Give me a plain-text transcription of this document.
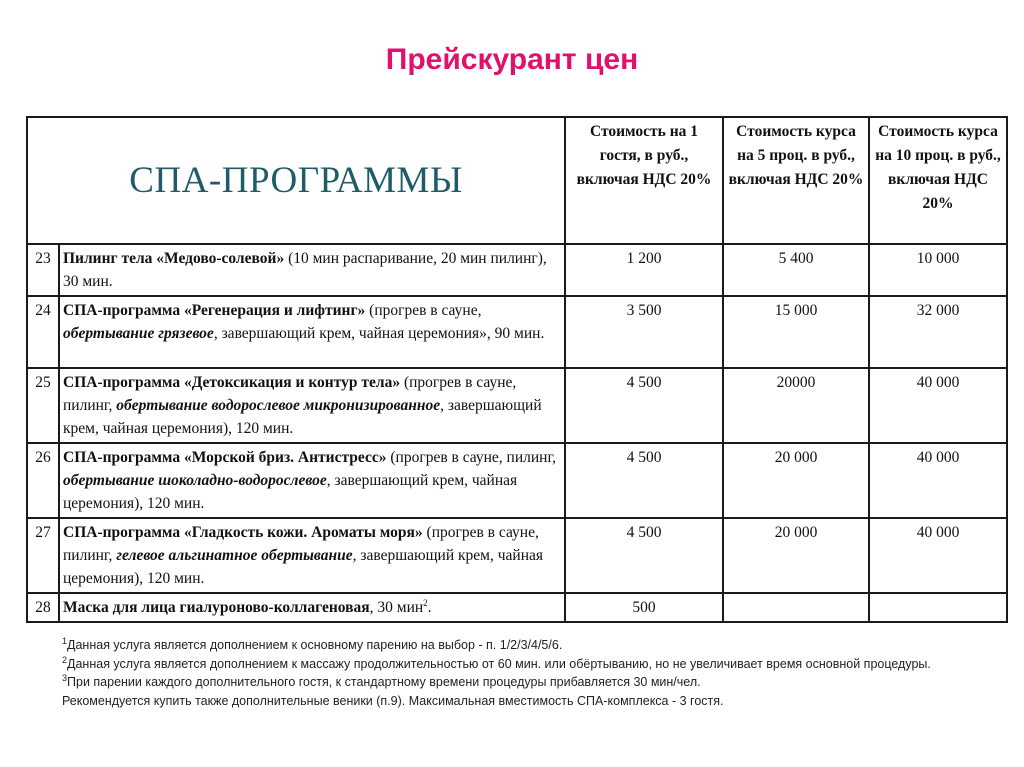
Прейскурант цен
СПА-ПРОГРАММЫ		Стоимость на 1 гостя, в руб., включая НДС 20%	Стоимость курса на 5 проц. в руб., включая НДС 20%	Стоимость курса на 10 проц. в руб., включая НДС 20%
23	Пилинг тела «Медово-солевой» (10 мин распаривание, 20 мин пилинг), 30 мин.	1 200	5 400	10 000
24	СПА-программа «Регенерация и лифтинг» (прогрев в сауне, обертывание грязевое, завершающий крем, чайная церемония», 90 мин.	3 500	15 000	32 000
25	СПА-программа «Детоксикация и контур тела» (прогрев в сауне, пилинг, обертывание водорослевое микронизированное, завершающий крем, чайная церемония), 120 мин.	4 500	20000	40 000
26	СПА-программа «Морской бриз. Антистресс» (прогрев в сауне, пилинг, обертывание шоколадно-водорослевое, завершающий крем, чайная церемония), 120 мин.	4 500	20 000	40 000
27	СПА-программа «Гладкость кожи. Ароматы моря» (прогрев в сауне, пилинг, гелевое альгинатное обертывание, завершающий крем, чайная церемония), 120 мин.	4 500	20 000	40 000
28	Маска для лица гиалуроново-коллагеновая, 30 мин$^2$.	500		
$^1$Данная услуга является дополнением к основному парению на выбор - п. 1/2/3/4/5/6.
$^2$Данная услуга является дополнением к массажу продолжительностью от 60 мин. или обёртыванию, но не увеличивает время основной процедуры.
$^3$При парении каждого дополнительного гостя, к стандартному времени процедуры прибавляется 30 мин/чел.
Рекомендуется купить также дополнительные веники (п.9). Максимальная вместимость СПА-комплекса - 3 гостя.
